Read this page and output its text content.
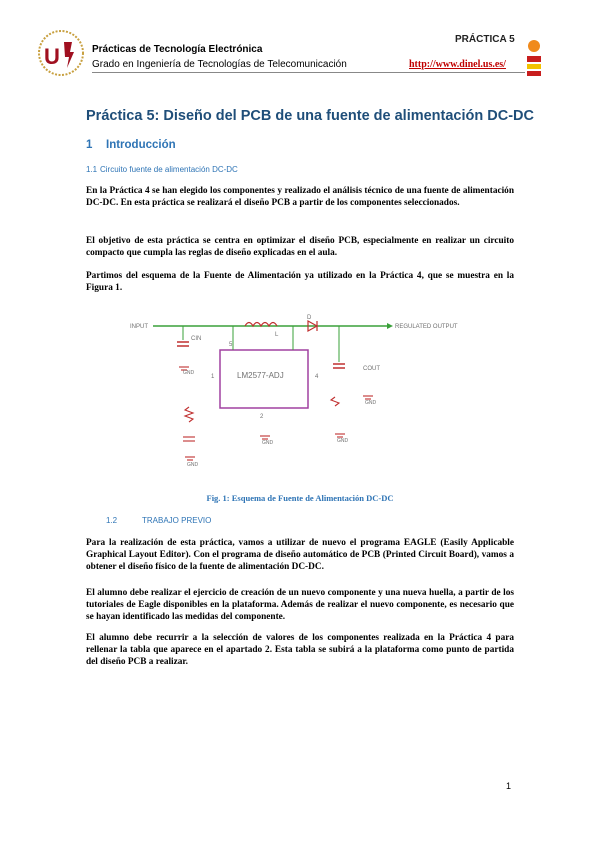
U	Prácticas de Tecnología Electrónica
Grado en Ingeniería de Tecnologías de Telecomunicación
PRÁCTICA 5
http://www.dinel.us.es/
Práctica 5: Diseño del PCB de una fuente de alimentación DC-DC
1 Introducción
1.1 Circuito fuente de alimentación DC-DC
En la Práctica 4 se han elegido los componentes y realizado el análisis técnico de una fuente de alimentación DC-DC. En esta práctica se realizará el diseño PCB a partir de los componentes seleccionados.
El objetivo de esta práctica se centra en optimizar el diseño PCB, especialmente en realizar un circuito compacto que cumpla las reglas de diseño explicadas en el aula.
Partimos del esquema de la Fuente de Alimentación ya utilizado en la Práctica 4, que se muestra en la Figura 1.
INPUT	REGULATED OUTPUT
L
D
CIN
LM2577-ADJ
1	4
5
2
COUT
GND
GND
GND	GND
GND
Fig. 1: Esquema de Fuente de Alimentación DC-DC
1.2	TRABAJO PREVIO
Para la realización de esta práctica, vamos a utilizar de nuevo el programa EAGLE (Easily Applicable Graphical Layout Editor). Con el programa de diseño automático de PCB (Printed Circuit Board), vamos a obtener el diseño físico de la fuente de alimentación DC-DC.
El alumno debe realizar el ejercicio de creación de un nuevo componente y una nueva huella, a partir de los tutoriales de Eagle disponibles en la plataforma. Además de realizar el nuevo componente, es necesario que se hayan identificado las medidas del componente.
El alumno debe recurrir a la selección de valores de los componentes realizada en la Práctica 4 para rellenar la tabla que aparece en el apartado 2. Esta tabla se subirá a la plataforma como punto de partida del diseño PCB a realizar.
1
